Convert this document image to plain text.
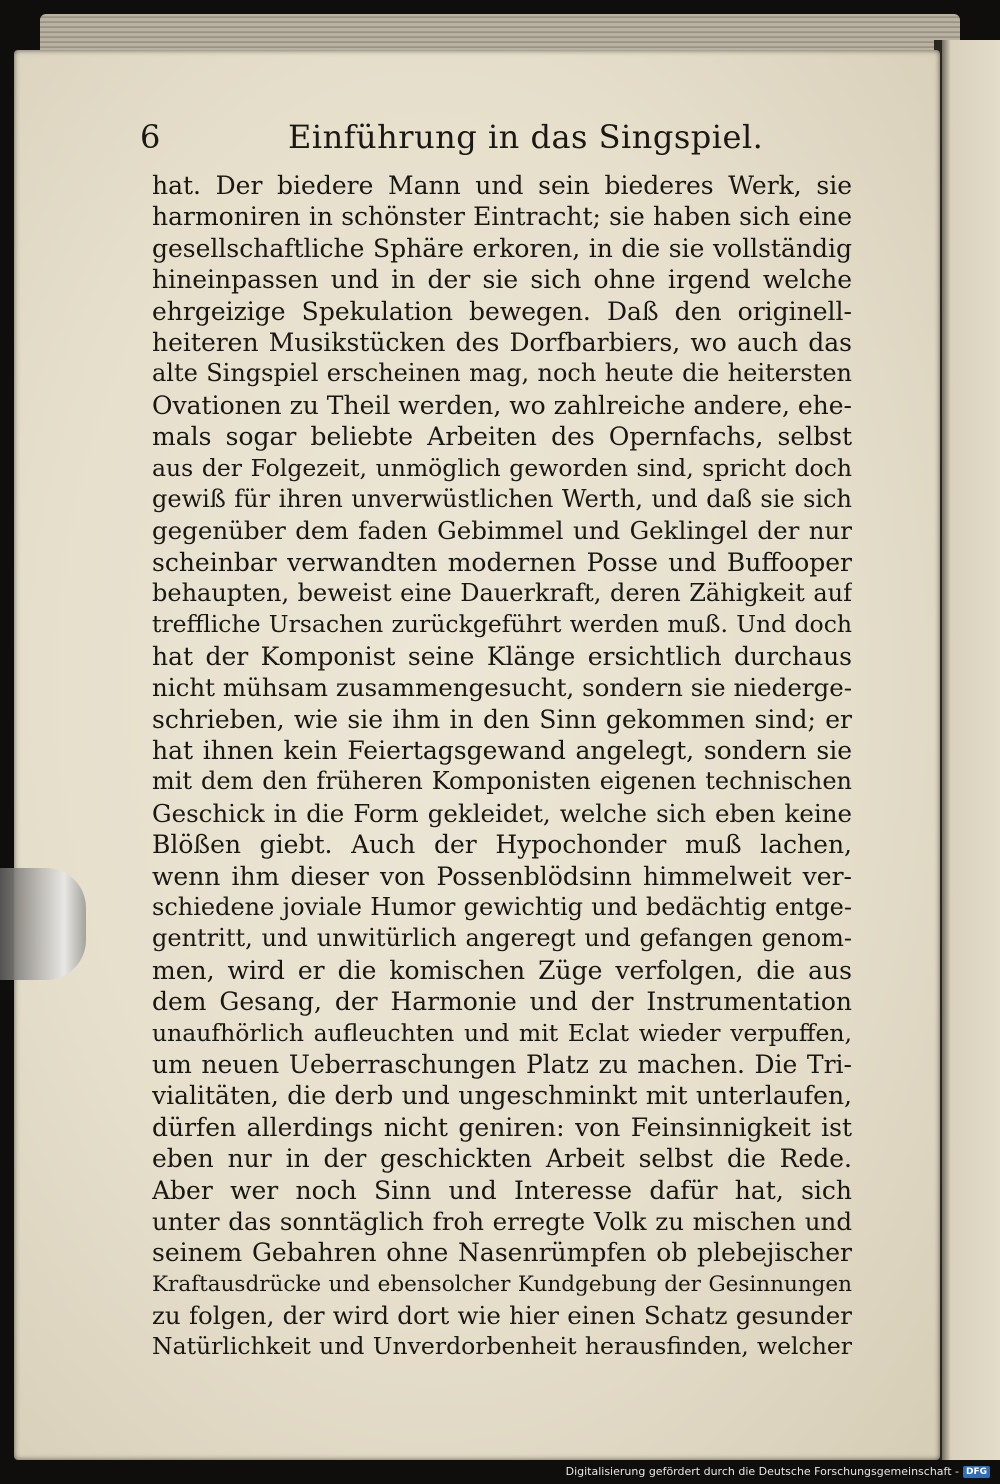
6	Einführung in das Singspiel.
hat. Der biedere Mann und sein biederes Werk, sie
harmoniren in schönster Eintracht; sie haben sich eine
gesellschaftliche Sphäre erkoren, in die sie vollständig
hineinpassen und in der sie sich ohne irgend welche
ehrgeizige Spekulation bewegen. Daß den originell-
heiteren Musikstücken des Dorfbarbiers, wo auch das
alte Singspiel erscheinen mag, noch heute die heitersten
Ovationen zu Theil werden, wo zahlreiche andere, ehe-
mals sogar beliebte Arbeiten des Opernfachs, selbst
aus der Folgezeit, unmöglich geworden sind, spricht doch
gewiß für ihren unverwüstlichen Werth, und daß sie sich
gegenüber dem faden Gebimmel und Geklingel der nur
scheinbar verwandten modernen Posse und Buffooper
behaupten, beweist eine Dauerkraft, deren Zähigkeit auf
treffliche Ursachen zurückgeführt werden muß. Und doch
hat der Komponist seine Klänge ersichtlich durchaus
nicht mühsam zusammengesucht, sondern sie niederge-
schrieben, wie sie ihm in den Sinn gekommen sind; er
hat ihnen kein Feiertagsgewand angelegt, sondern sie
mit dem den früheren Komponisten eigenen technischen
Geschick in die Form gekleidet, welche sich eben keine
Blößen giebt. Auch der Hypochonder muß lachen,
wenn ihm dieser von Possenblödsinn himmelweit ver-
schiedene joviale Humor gewichtig und bedächtig entge-
gentritt, und unwitürlich angeregt und gefangen genom-
men, wird er die komischen Züge verfolgen, die aus
dem Gesang, der Harmonie und der Instrumentation
unaufhörlich aufleuchten und mit Eclat wieder verpuffen,
um neuen Ueberraschungen Platz zu machen. Die Tri-
vialitäten, die derb und ungeschminkt mit unterlaufen,
dürfen allerdings nicht geniren: von Feinsinnigkeit ist
eben nur in der geschickten Arbeit selbst die Rede.
Aber wer noch Sinn und Interesse dafür hat, sich
unter das sonntäglich froh erregte Volk zu mischen und
seinem Gebahren ohne Nasenrümpfen ob plebejischer
Kraftausdrücke und ebensolcher Kundgebung der Gesinnungen
zu folgen, der wird dort wie hier einen Schatz gesunder
Natürlichkeit und Unverdorbenheit herausfinden, welcher
Digitalisierung gefördert durch die Deutsche Forschungsgemeinschaft - DFG
